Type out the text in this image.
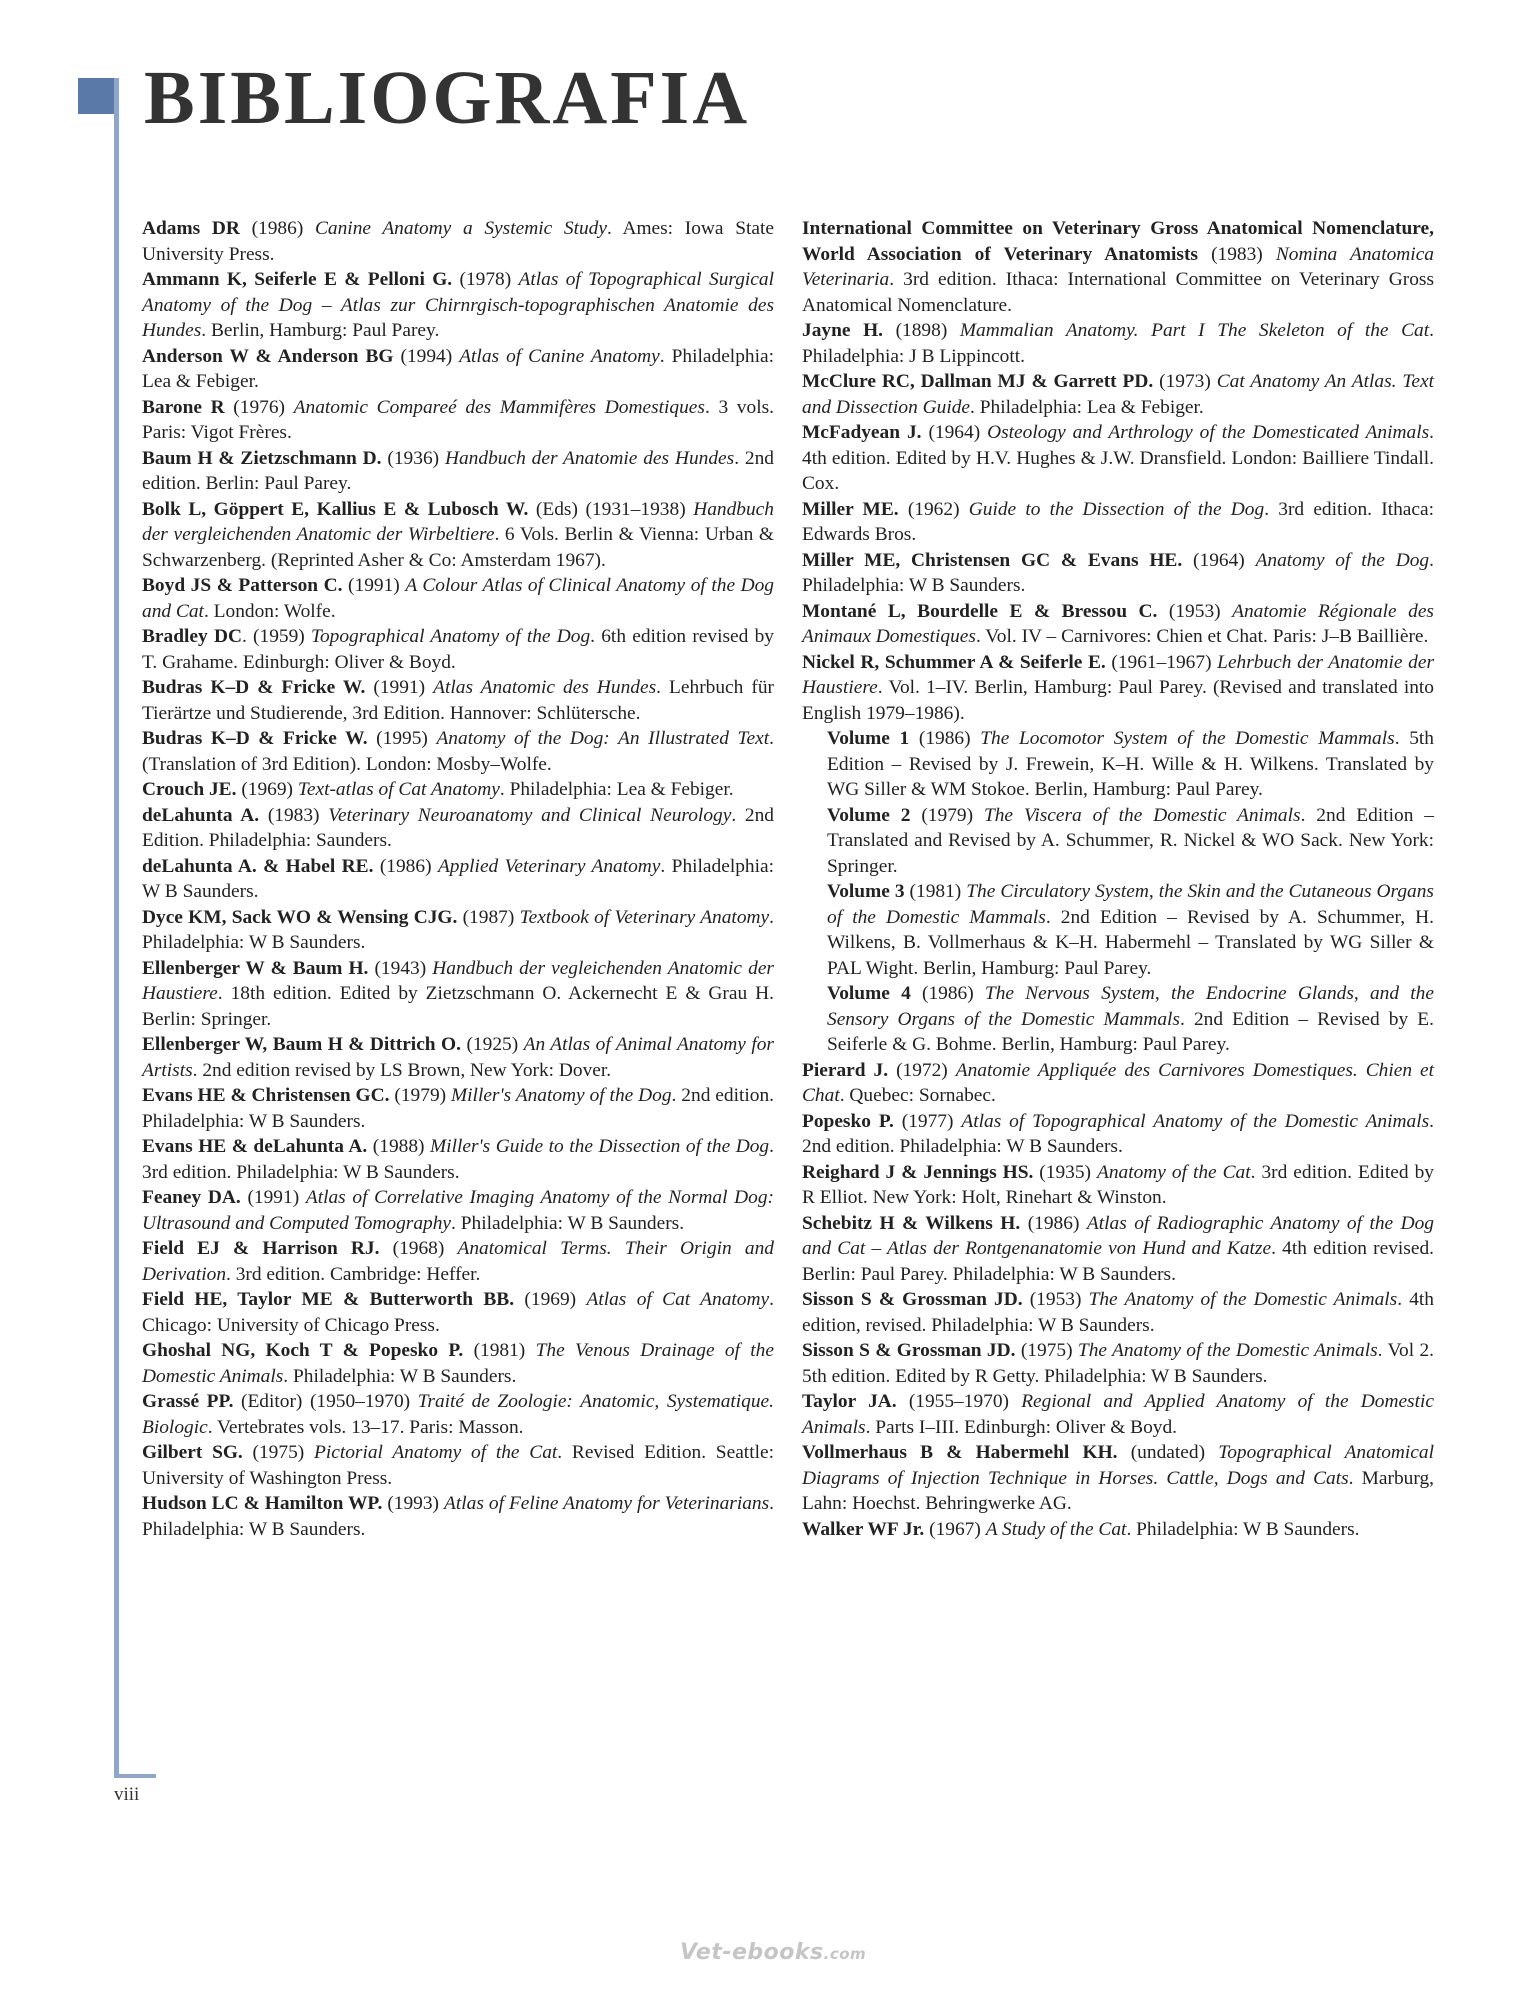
BIBLIOGRAFIA

Adams DR (1986) Canine Anatomy a Systemic Study. Ames: Iowa State University Press.

Ammann K, Seiferle E & Pelloni G. (1978) Atlas of Topographical Surgical Anatomy of the Dog – Atlas zur Chirnrgisch-topographischen Anatomie des Hundes. Berlin, Hamburg: Paul Parey.

Anderson W & Anderson BG (1994) Atlas of Canine Anatomy. Philadelphia: Lea & Febiger.

Barone R (1976) Anatomic Compareé des Mammifères Domestiques. 3 vols. Paris: Vigot Frères.

Baum H & Zietzschmann D. (1936) Handbuch der Anatomie des Hundes. 2nd edition. Berlin: Paul Parey.

Bolk L, Göppert E, Kallius E & Lubosch W. (Eds) (1931–1938) Handbuch der vergleichenden Anatomic der Wirbeltiere. 6 Vols. Berlin & Vienna: Urban & Schwarzenberg. (Reprinted Asher & Co: Amsterdam 1967).

Boyd JS & Patterson C. (1991) A Colour Atlas of Clinical Anatomy of the Dog and Cat. London: Wolfe.

Bradley DC. (1959) Topographical Anatomy of the Dog. 6th edition revised by T. Grahame. Edinburgh: Oliver & Boyd.

Budras K–D & Fricke W. (1991) Atlas Anatomic des Hundes. Lehrbuch für Tierärtze und Studierende, 3rd Edition. Hannover: Schlütersche.

Budras K–D & Fricke W. (1995) Anatomy of the Dog: An Illustrated Text. (Translation of 3rd Edition). London: Mosby–Wolfe.

Crouch JE. (1969) Text-atlas of Cat Anatomy. Philadelphia: Lea & Febiger.

deLahunta A. (1983) Veterinary Neuroanatomy and Clinical Neurology. 2nd Edition. Philadelphia: Saunders.

deLahunta A. & Habel RE. (1986) Applied Veterinary Anatomy. Philadelphia: W B Saunders.

Dyce KM, Sack WO & Wensing CJG. (1987) Textbook of Veterinary Anatomy. Philadelphia: W B Saunders.

Ellenberger W & Baum H. (1943) Handbuch der vegleichenden Anatomic der Haustiere. 18th edition. Edited by Zietzschmann O. Ackernecht E & Grau H. Berlin: Springer.

Ellenberger W, Baum H & Dittrich O. (1925) An Atlas of Animal Anatomy for Artists. 2nd edition revised by LS Brown, New York: Dover.

Evans HE & Christensen GC. (1979) Miller's Anatomy of the Dog. 2nd edition. Philadelphia: W B Saunders.

Evans HE & deLahunta A. (1988) Miller's Guide to the Dissection of the Dog. 3rd edition. Philadelphia: W B Saunders.

Feaney DA. (1991) Atlas of Correlative Imaging Anatomy of the Normal Dog: Ultrasound and Computed Tomography. Philadelphia: W B Saunders.

Field EJ & Harrison RJ. (1968) Anatomical Terms. Their Origin and Derivation. 3rd edition. Cambridge: Heffer.

Field HE, Taylor ME & Butterworth BB. (1969) Atlas of Cat Anatomy. Chicago: University of Chicago Press.

Ghoshal NG, Koch T & Popesko P. (1981) The Venous Drainage of the Domestic Animals. Philadelphia: W B Saunders.

Grassé PP. (Editor) (1950–1970) Traité de Zoologie: Anatomic, Systematique. Biologic. Vertebrates vols. 13–17. Paris: Masson.

Gilbert SG. (1975) Pictorial Anatomy of the Cat. Revised Edition. Seattle: University of Washington Press.

Hudson LC & Hamilton WP. (1993) Atlas of Feline Anatomy for Veterinarians. Philadelphia: W B Saunders.

International Committee on Veterinary Gross Anatomical Nomenclature, World Association of Veterinary Anatomists (1983) Nomina Anatomica Veterinaria. 3rd edition. Ithaca: International Committee on Veterinary Gross Anatomical Nomenclature.

Jayne H. (1898) Mammalian Anatomy. Part I The Skeleton of the Cat. Philadelphia: J B Lippincott.

McClure RC, Dallman MJ & Garrett PD. (1973) Cat Anatomy An Atlas. Text and Dissection Guide. Philadelphia: Lea & Febiger.

McFadyean J. (1964) Osteology and Arthrology of the Domesticated Animals. 4th edition. Edited by H.V. Hughes & J.W. Dransfield. London: Bailliere Tindall. Cox.

Miller ME. (1962) Guide to the Dissection of the Dog. 3rd edition. Ithaca: Edwards Bros.

Miller ME, Christensen GC & Evans HE. (1964) Anatomy of the Dog. Philadelphia: W B Saunders.

Montané L, Bourdelle E & Bressou C. (1953) Anatomie Régionale des Animaux Domestiques. Vol. IV – Carnivores: Chien et Chat. Paris: J–B Baillière.

Nickel R, Schummer A & Seiferle E. (1961–1967) Lehrbuch der Anatomie der Haustiere. Vol. 1–IV. Berlin, Hamburg: Paul Parey. (Revised and translated into English 1979–1986).

Volume 1 (1986) The Locomotor System of the Domestic Mammals. 5th Edition – Revised by J. Frewein, K–H. Wille & H. Wilkens. Translated by WG Siller & WM Stokoe. Berlin, Hamburg: Paul Parey.

Volume 2 (1979) The Viscera of the Domestic Animals. 2nd Edition – Translated and Revised by A. Schummer, R. Nickel & WO Sack. New York: Springer.

Volume 3 (1981) The Circulatory System, the Skin and the Cutaneous Organs of the Domestic Mammals. 2nd Edition – Revised by A. Schummer, H. Wilkens, B. Vollmerhaus & K–H. Habermehl – Translated by WG Siller & PAL Wight. Berlin, Hamburg: Paul Parey.

Volume 4 (1986) The Nervous System, the Endocrine Glands, and the Sensory Organs of the Domestic Mammals. 2nd Edition – Revised by E. Seiferle & G. Bohme. Berlin, Hamburg: Paul Parey.

Pierard J. (1972) Anatomie Appliquée des Carnivores Domestiques. Chien et Chat. Quebec: Sornabec.

Popesko P. (1977) Atlas of Topographical Anatomy of the Domestic Animals. 2nd edition. Philadelphia: W B Saunders.

Reighard J & Jennings HS. (1935) Anatomy of the Cat. 3rd edition. Edited by R Elliot. New York: Holt, Rinehart & Winston.

Schebitz H & Wilkens H. (1986) Atlas of Radiographic Anatomy of the Dog and Cat – Atlas der Rontgenanatomie von Hund and Katze. 4th edition revised. Berlin: Paul Parey. Philadelphia: W B Saunders.

Sisson S & Grossman JD. (1953) The Anatomy of the Domestic Animals. 4th edition, revised. Philadelphia: W B Saunders.

Sisson S & Grossman JD. (1975) The Anatomy of the Domestic Animals. Vol 2. 5th edition. Edited by R Getty. Philadelphia: W B Saunders.

Taylor JA. (1955–1970) Regional and Applied Anatomy of the Domestic Animals. Parts I–III. Edinburgh: Oliver & Boyd.

Vollmerhaus B & Habermehl KH. (undated) Topographical Anatomical Diagrams of Injection Technique in Horses. Cattle, Dogs and Cats. Marburg, Lahn: Hoechst. Behringwerke AG.

Walker WF Jr. (1967) A Study of the Cat. Philadelphia: W B Saunders.

viii
Vet-ebooks.com
